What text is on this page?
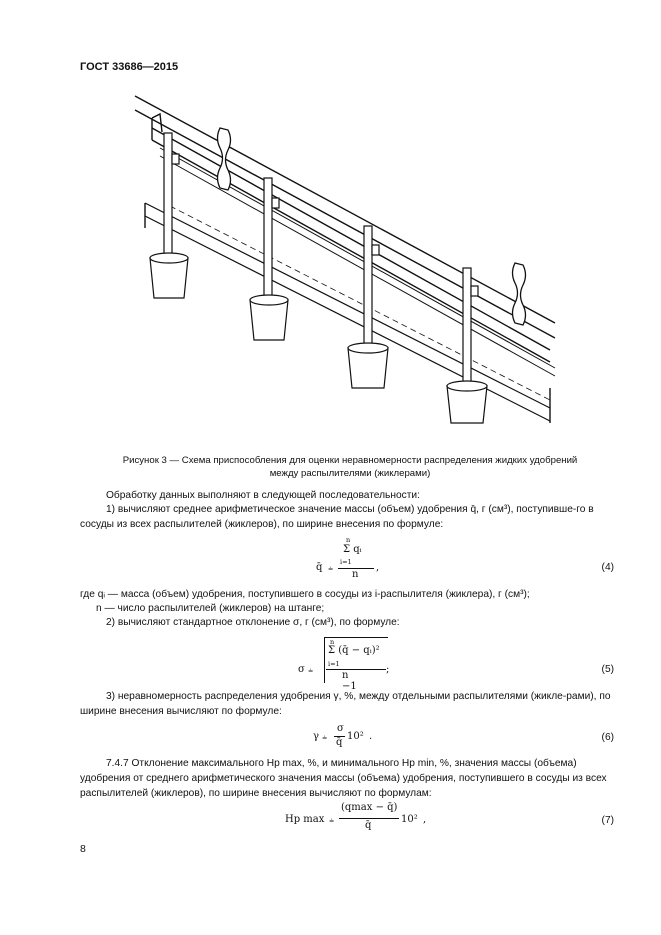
ГОСТ 33686—2015
Рисунок 3 — Схема приспособления для оценки неравномерности распределения жидких удобрений
между распылителями (жиклерами)
Обработку данных выполняют в следующей последовательности:
1) вычисляют среднее арифметическое значение массы (объем) удобрения q̄, г (см³), поступивше-го в сосуды из всех распылителей (жиклеров), по ширине внесения по формуле:
q̄ ≐
n
Σ qᵢ
i=1
n
,	(4)
где qᵢ — масса (объем) удобрения, поступившего в сосуды из i-распылителя (жиклера), г (см³);
n — число распылителей (жиклеров) на штанге;
2) вычисляют стандартное отклонение σ, г (см³), по формуле:
σ ≐
n
Σ (q̄ − qᵢ)²
i=1
n −1
;	(5)
3) неравномерность распределения удобрения γ, %, между отдельными распылителями (жикле-рами), по ширине внесения вычисляют по формуле:
γ ≐
σ
q̄
10² .	(6)
7.4.7 Отклонение максимального Hp max, %, и минимального Hp min, %, значения массы (объема) удобрения от среднего арифметического значения массы (объема) удобрения, поступившего в сосуды из всех распылителей (жиклеров), по ширине внесения вычисляют по формулам:
Hp max ≐
(qmax − q̄)
q̄
10² ,	(7)
8
